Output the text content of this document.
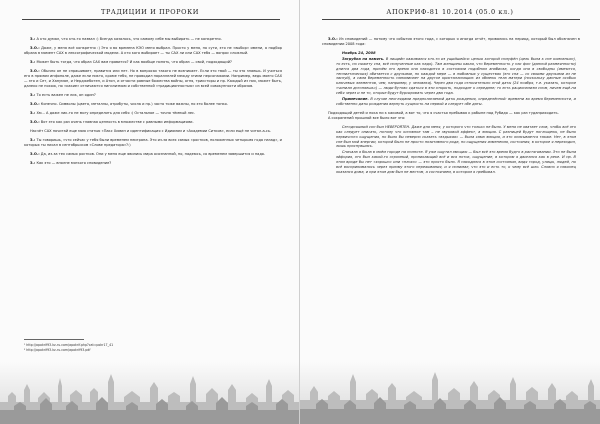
ТРАДИЦИИ И ПРОРОКИ

З.: А кто думал, что кто-то назвал :) Всегда казалось, что самому себе мы выбирать — не конкретно.

З.О.: Даже, у меня всё конкретно :) Это я во времена КЭО меня выбрал. Просто у меня, по сути, это не «выбор» имени, а подбор образа в момент САХ в лексографической модели. А кто кого выбирает — ты САХ ли или САХ тебя — вопрос сложный.

З.: Может быть тогда, что образ САХ вам нравится? И как вообще понять, что образ — свой, подходящий?

З.О.: Обычно он не спрашивает, нравится или нет. Но в вопросах такого не возникает. Если это твой — ты это знаешь. И учиться его в прямом инфополе, даже если никто, кроме тебя, не проводил параллелей между этими персонажами. Например, ведь моего САХ — это и Сет, и Хануман, и Нерджеботен, и Атон, и отчасти равные божества войны, огня, триксторы и пр. Каждый из них, может быть, далеко не похож, но «какие» отличаются нигилизмом и собственной «традиционностью» из всей совокупности образов.

З.: То есть важен не лик, он один?

З.О.: Конечно. Символы (цвета, металлы, атрибуты, числа и пр.) часто тоже важны, но это более тонко.

З.: Хм... А даже лик-то не могу определить для себя :) Остальное — точно тёмный лес.

З.О.: Вот это как раз очень главная ценность в множестве с равными информациями.

Насчёт САХ почитай еще мою статью «Пакс Химин и идентификация с Идиомом и «Академии Ситков», если ещё не читал-а-сь.

З.: Ты говоришь, «что сейчас у тебя были временем неиграна. Это из-за всех самых «ростков, положенных четырьмя года назад», и которых ты писал в сентябрьском «Слове предатора»?:)

З.О.: Да, из-за тех самых ростков. Они у меня еще явились мира осознанной, но, надеюсь, со временем завершится и надо.

З.: Как это — вполне мягкого сновидение?

¹ http://apokrif93.kz-ru.com/apokrif.php?cat=pokr17_41
² http://apokrif93.kz-ru.com/apokrif93.pdf
АПОКРИФ-81 10.2014 (05.0 кл.)

З.О.: Из сновидений — потому что события этого года, с которых я иногда отчёт, привались на период, который был обозначен в сновидении 2008 года:

Ноябрь 24, 2008

Загрубка на память. В лищийн хаживался кто-то из ущийшейся: целью которой полуфён (цель была к сне компаньон), то есть, по сюжету сна, всё полученные как надо). Там женщины какая, что беременность у нас фон (данной размеянности) длится два года, причём это время она находится в состоянии подобном анабиоза, когда она в свободны (имеются, теплилтических) обитается с друзьями, по каждой мере — в любовных у существах (это сна — со своими друзьями из не заснуй), а сама беременность напоминает на другое кристаллизации: из обмены тела матери (поскольку данные особых ключевых элементов, чем, например, у человека). Через два года относительно этой даты (24 ноября, т.е. указать, которое «чинили догоняешь») — люди бутово сдаться в эти открыть, подходит к середине; то есть рационализм сном, ничем ещё-на себя через и не то, оторые будут бурсировать через два года.

Примечание. В случае неоглядами предполагаемой даты рождения, определённой: времени во время беременности, и собственно даты рождения вернуть сущность на первой и следует обе даты.

Подходящий детей и пока ни к каковой, а вот то, что я счастья пребывая к рабыне над Рубидо — как раз тудаприходить.

А сохранений прошлой все было вот это:

Сегодняшний сон был НЕВЕРОЯТЕН. Даже для меня, у которого что только не было. У меня не хватает слов, чтобы всё это как следует описать, потому что основное там ‒ не звуковой эффект, а эмоция. С разницей будут поглощены, не было первичного ощущения, но было бы неверно сказать «вздыхая» — была сама эмоция, и это описывается также. Нет, в этом сне был мой энергии, которой было не просто позитивного рода, но ощущения изменения, состояния, в которое я переходил, лишь проснувшись.

Сначала я была в моём городе на полноте. Я уже ощутил эмоцию — был всё это время будто в растягивании. Это не была эйфория, это был какой-то огромный, проникающий всё и вся поток, ощущение, в котором я двигался как в реке. И пр. В этом вроде бы нет «хорошо» или «плохо» — это просто было. Я находился в этом состоянии, видя город, улицы, людей, но всё воспринималось через призму этого переживания, и я понимал, что это и есть то, к чему всё шло. Словно я наконец оказался дома, и при этом дом был не местом, а состоянием, в котором я пребывал.
